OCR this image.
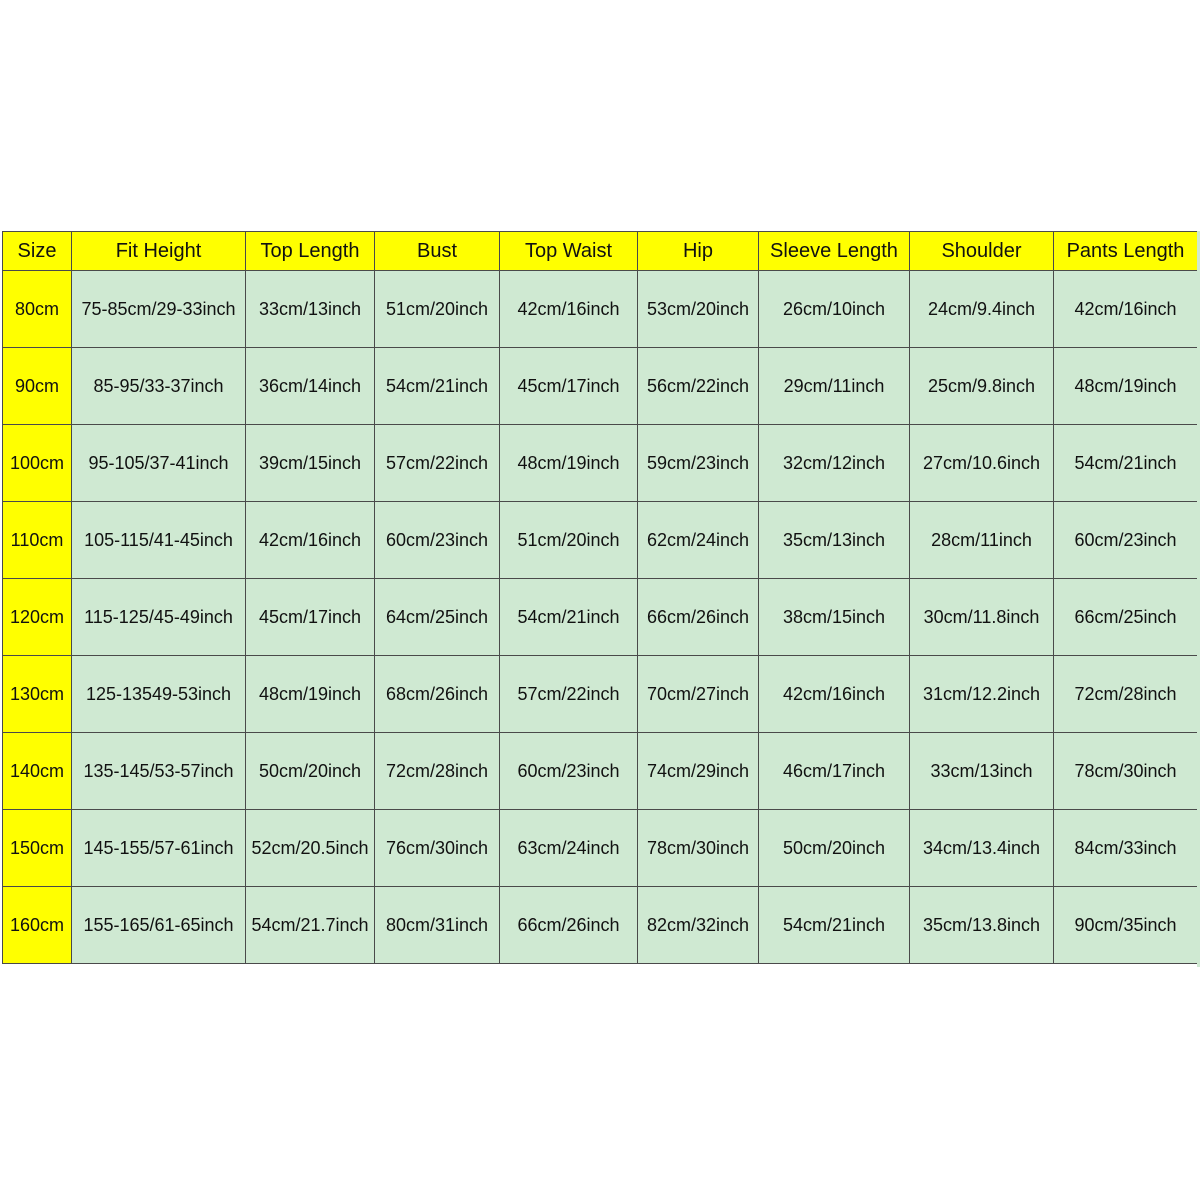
Size	Fit Height	Top Length	Bust	Top Waist	Hip	Sleeve Length	Shoulder	Pants Length
80cm	75-85cm/29-33inch	33cm/13inch	51cm/20inch	42cm/16inch	53cm/20inch	26cm/10inch	24cm/9.4inch	42cm/16inch
90cm	85-95/33-37inch	36cm/14inch	54cm/21inch	45cm/17inch	56cm/22inch	29cm/11inch	25cm/9.8inch	48cm/19inch
100cm	95-105/37-41inch	39cm/15inch	57cm/22inch	48cm/19inch	59cm/23inch	32cm/12inch	27cm/10.6inch	54cm/21inch
110cm	105-115/41-45inch	42cm/16inch	60cm/23inch	51cm/20inch	62cm/24inch	35cm/13inch	28cm/11inch	60cm/23inch
120cm	115-125/45-49inch	45cm/17inch	64cm/25inch	54cm/21inch	66cm/26inch	38cm/15inch	30cm/11.8inch	66cm/25inch
130cm	125-13549-53inch	48cm/19inch	68cm/26inch	57cm/22inch	70cm/27inch	42cm/16inch	31cm/12.2inch	72cm/28inch
140cm	135-145/53-57inch	50cm/20inch	72cm/28inch	60cm/23inch	74cm/29inch	46cm/17inch	33cm/13inch	78cm/30inch
150cm	145-155/57-61inch	52cm/20.5inch	76cm/30inch	63cm/24inch	78cm/30inch	50cm/20inch	34cm/13.4inch	84cm/33inch
160cm	155-165/61-65inch	54cm/21.7inch	80cm/31inch	66cm/26inch	82cm/32inch	54cm/21inch	35cm/13.8inch	90cm/35inch
